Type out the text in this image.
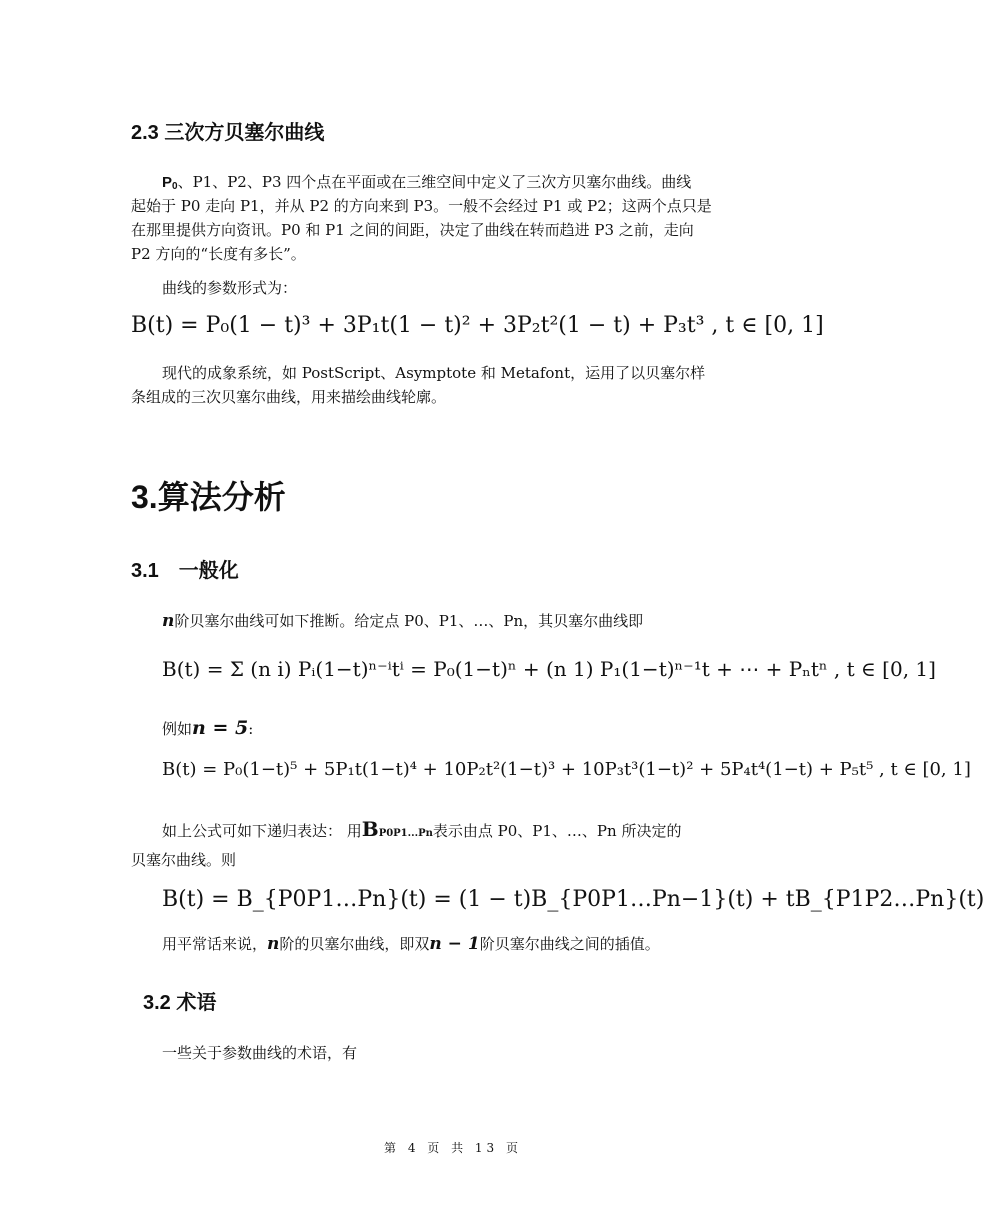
2.3 三次方贝塞尔曲线
$P_0$、P1、P2、P3 四个点在平面或在三维空间中定义了三次方贝塞尔曲线。曲线
起始于 P0 走向 P1，并从 P2 的方向来到 P3。一般不会经过 P1 或 P2；这两个点只是
在那里提供方向资讯。P0 和 P1 之间的间距，决定了曲线在转而趋进 P3 之前，走向
P2 方向的“长度有多长”。
曲线的参数形式为：
B(t) = P₀(1 − t)³ + 3P₁t(1 − t)² + 3P₂t²(1 − t) + P₃t³ , t ∈ [0, 1]
现代的成象系统，如 PostScript、Asymptote 和 Metafont，运用了以贝塞尔样
条组成的三次贝塞尔曲线，用来描绘曲线轮廓。
3.算法分析
3.1　一般化
n阶贝塞尔曲线可如下推断。给定点 P0、P1、…、Pn，其贝塞尔曲线即
B(t) = Σ (n i) Pᵢ(1−t)ⁿ⁻ⁱtⁱ = P₀(1−t)ⁿ + (n 1) P₁(1−t)ⁿ⁻¹t + ⋯ + Pₙtⁿ , t ∈ [0, 1]
例如n = 5:
B(t) = P₀(1−t)⁵ + 5P₁t(1−t)⁴ + 10P₂t²(1−t)³ + 10P₃t³(1−t)² + 5P₄t⁴(1−t) + P₅t⁵ , t ∈ [0, 1]
如上公式可如下递归表达： 用BP0P1...Pn表示由点 P0、P1、…、Pn 所决定的
贝塞尔曲线。则
B(t) = B_{P0P1…Pn}(t) = (1 − t)B_{P0P1…Pn−1}(t) + tB_{P1P2…Pn}(t)
用平常话来说，n阶的贝塞尔曲线，即双n − 1阶贝塞尔曲线之间的插值。
3.2 术语
一些关于参数曲线的术语，有
第 4 页 共 13 页
